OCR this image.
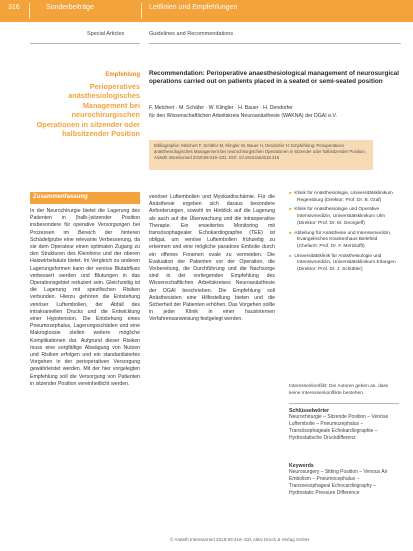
316	Sonderbeiträge	Leitlinien und Empfehlungen
Special Articles	Guidelines and Recommendations
Empfehlung
Perioperatives anästhesiologisches Management bei neurochirurgischen Operationen in sitzender oder halbsitzender Position
Recommendation: Perioperative anaesthesiological management of neurosurgical operations carried out on patients placed in a seated or semi-seated position
F. Melchert · M. Schäfer · W. Klingler · H. Bauer · H. Dendorfer
für den Wissenschaftlichen Arbeitskreis Neuroanästhesie (WAKNA) der DGAI e.V.
Bibliographie: Melchert F, Schäfer M, Klingler W, Bauer H, Dendorfer H: Empfehlung: Perioperatives anästhesiologisches Management bei neurochirurgischen Operationen in sitzender oder halbsitzender Position. Anästh Intensivmed 2018;59:316–331. DOI: 10.19224/ai2018.316
Zusammenfassung
In der Neurochirurgie bietet die Lagerung des Patienten in (halb-)sitzender Position insbesondere für operative Versorgungen bei Prozessen im Bereich der hinteren Schädelgrube eine relevante Verbesserung, da sie dem Operateur einen optimalen Zugang zu den Strukturen des Kleinhirns und der oberen Halswirbelsäule bietet. Im Vergleich zu anderen Lagerungsformen kann der venöse Blutabfluss verbessert werden und Blutungen in das Operationsgebiet reduziert sein. Gleichzeitig ist die Lagerung mit spezifischen Risiken verbunden. Hierzu gehören die Entstehung venöser Luftembolien, der Abfall des intrakraniellen Drucks und die Entwicklung einer Hypotension. Die Entstehung eines Pneumozephalus, Lagerungsschäden und eine Makroglossie stellen weitere mögliche Komplikationen dar. Aufgrund dieser Risiken muss eine sorgfältige Abwägung von Nutzen und Risiken erfolgen und ein standardisiertes Vorgehen in der perioperativen Versorgung gewährleistet werden. Mit der hier vorgelegten Empfehlung soll die Versorgung von Patienten in sitzender Position vereinheitlicht werden.
venöser Luftembolien und Myokardischämie. Für die Anästhesie ergeben sich daraus besondere Anforderungen, sowohl im Hinblick auf die Lagerung als auch auf die Überwachung und die intraoperative Therapie. Ein erweitertes Monitoring mit transösophagealer Echokardiographie (TEE) ist obligat, um venöse Luftembolien frühzeitig zu erkennen und eine mögliche paradoxe Embolie durch ein offenes Foramen ovale zu vermeiden. Die Evaluation der Patienten vor der Operation, die Vorbereitung, die Durchführung und die Nachsorge sind in der vorliegenden Empfehlung des Wissenschaftlichen Arbeitskreises Neuroanästhesie der DGAI beschrieben. Die Empfehlung soll Anästhesisten eine Hilfestellung bieten und die Sicherheit der Patienten erhöhen. Das Vorgehen sollte in jeder Klinik in einer hausinternen Verfahrensanweisung festgelegt werden.
■ Klinik für Anästhesiologie, Universitätsklinikum Regensburg (Direktor: Prof. Dr. B. Graf)
■ Klinik für Anästhesiologie und Operative Intensivmedizin, Universitätsklinikum Ulm (Direktor: Prof. Dr. M. Georgieff)
■ Abteilung für Anästhesie und Intensivmedizin, Evangelisches Krankenhaus Bielefeld (Chefarzt: Prof. Dr. F. Mertzlufft)
■ Universitätsklinik für Anästhesiologie und Intensivmedizin, Universitätsklinikum Erlangen (Direktor: Prof. Dr. J. Schüttler)
Interessenkonflikt: Die Autoren geben an, dass keine Interessenkonflikte bestehen.
Schlüsselwörter
Neurochirurgie – Sitzende Position – Venöse Luftembolie – Pneumozephalus – Transösophageale Echokardiographie – Hydrostatische Druckdifferenz
Keywords
Neurosurgery – Sitting Position – Venous Air Embolism – Pneumocephalus – Transoesophageal Echocardiography – Hydrostatic Pressure Difference
© Anästh Intensivmed 2018;59:316–331 Aktiv Druck & Verlag GmbH
